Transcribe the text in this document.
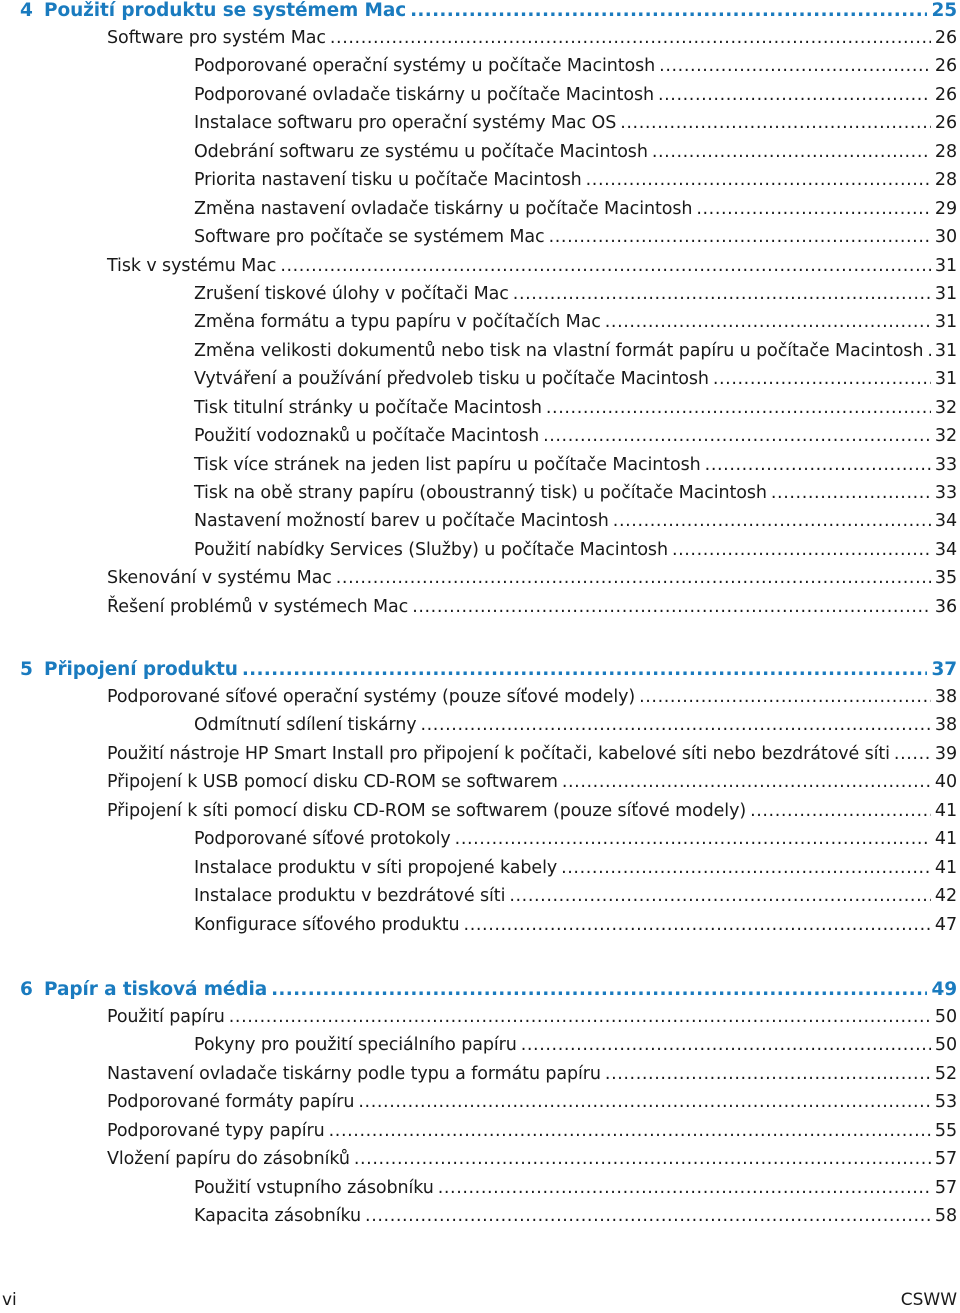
4 Použití produktu se systémem Mac .....	25
Software pro systém Mac .....	26
Podporované operační systémy u počítače Macintosh .....	26
Podporované ovladače tiskárny u počítače Macintosh .....	26
Instalace softwaru pro operační systémy Mac OS .....	26
Odebrání softwaru ze systému u počítače Macintosh .....	28
Priorita nastavení tisku u počítače Macintosh .....	28
Změna nastavení ovladače tiskárny u počítače Macintosh .....	29
Software pro počítače se systémem Mac .....	30
Tisk v systému Mac .....	31
Zrušení tiskové úlohy v počítači Mac .....	31
Změna formátu a typu papíru v počítačích Mac .....	31
Změna velikosti dokumentů nebo tisk na vlastní formát papíru u počítače Macintosh ..... 31
Vytváření a používání předvoleb tisku u počítače Macintosh .....	31
Tisk titulní stránky u počítače Macintosh .....	32
Použití vodoznaků u počítače Macintosh .....	32
Tisk více stránek na jeden list papíru u počítače Macintosh .....	33
Tisk na obě strany papíru (oboustranný tisk) u počítače Macintosh .....	33
Nastavení možností barev u počítače Macintosh .....	34
Použití nabídky Services (Služby) u počítače Macintosh .....	34
Skenování v systému Mac .....	35
Řešení problémů v systémech Mac .....	36
5 Připojení produktu .....	37
Podporované síťové operační systémy (pouze síťové modely) .....	38
Odmítnutí sdílení tiskárny .....	38
Použití nástroje HP Smart Install pro připojení k počítači, kabelové síti nebo bezdrátové síti .....	39
Připojení k USB pomocí disku CD-ROM se softwarem .....	40
Připojení k síti pomocí disku CD-ROM se softwarem (pouze síťové modely) .....	41
Podporované síťové protokoly .....	41
Instalace produktu v síti propojené kabely .....	41
Instalace produktu v bezdrátové síti .....	42
Konfigurace síťového produktu .....	47
6 Papír a tisková média .....	49
Použití papíru .....	50
Pokyny pro použití speciálního papíru .....	50
Nastavení ovladače tiskárny podle typu a formátu papíru .....	52
Podporované formáty papíru .....	53
Podporované typy papíru .....	55
Vložení papíru do zásobníků .....	57
Použití vstupního zásobníku .....	57
Kapacita zásobníku .....	58
vi	CSWW
